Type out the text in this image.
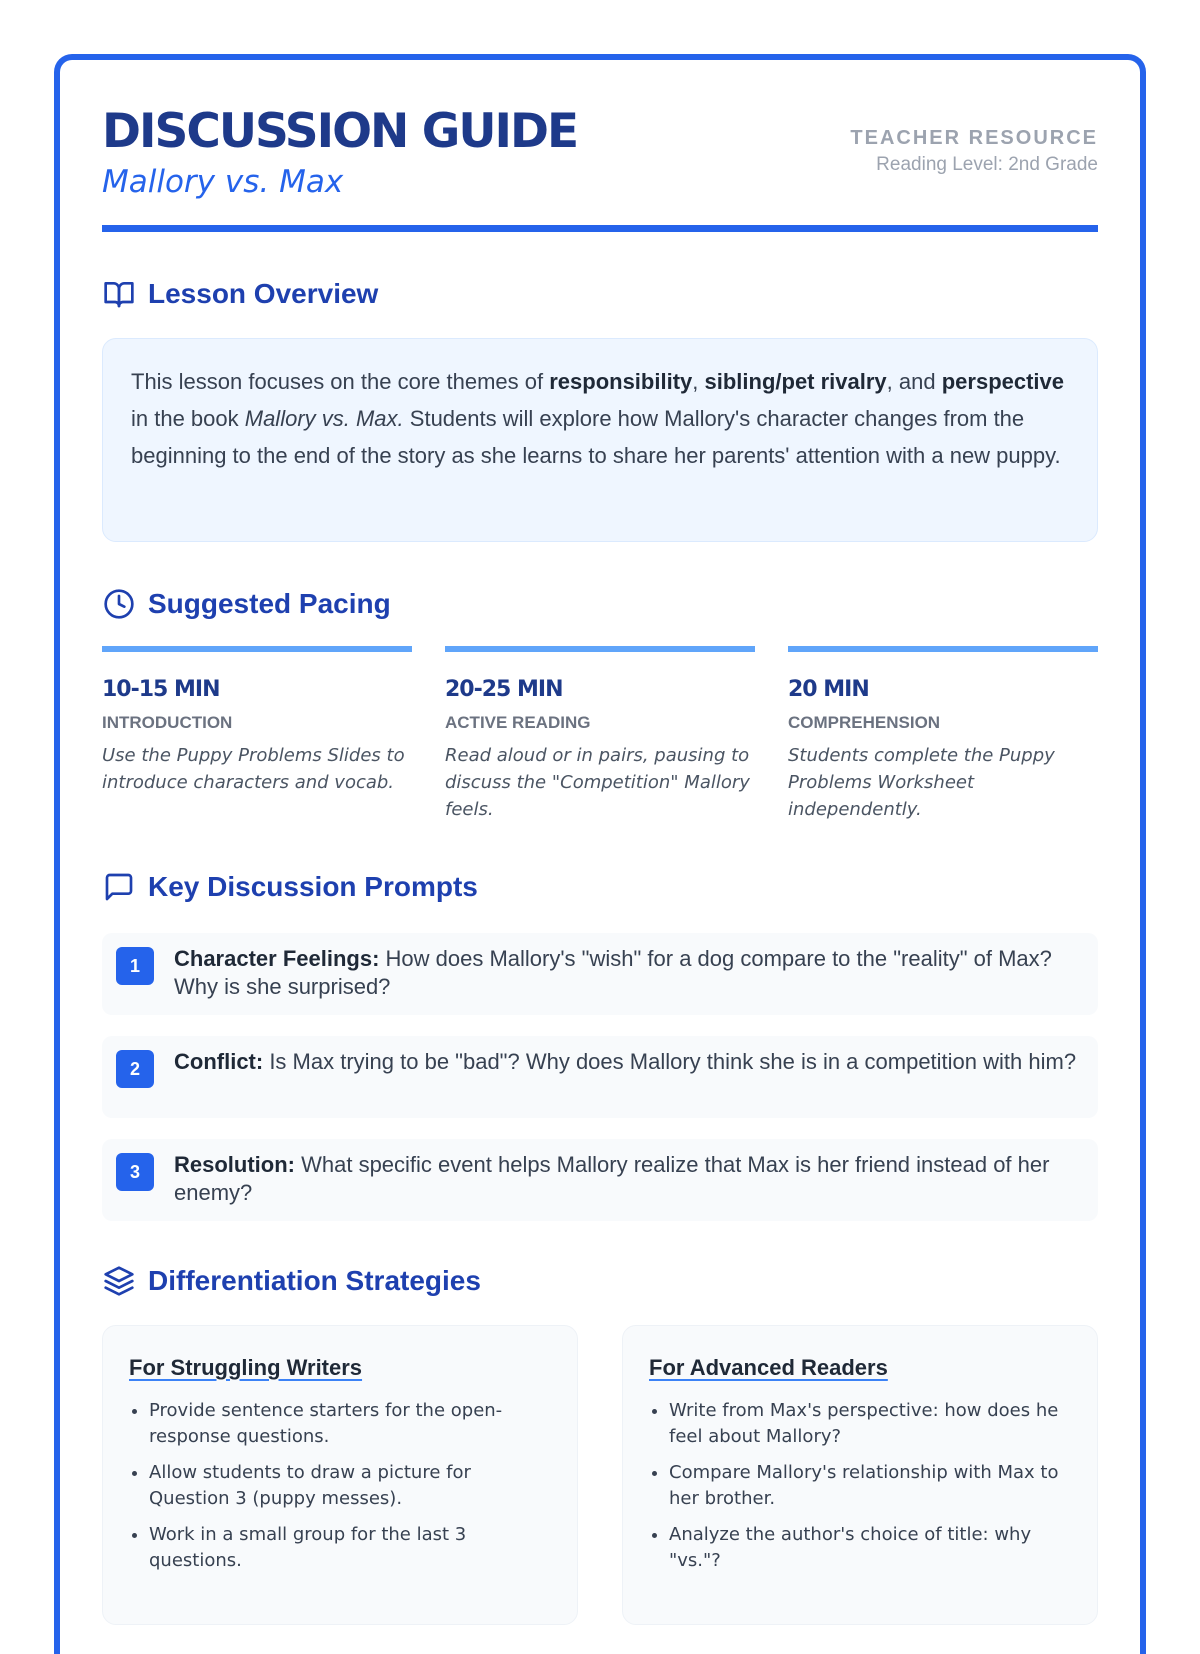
DISCUSSION GUIDE
Mallory vs. Max
TEACHER RESOURCE
Reading Level: 2nd Grade
Lesson Overview
This lesson focuses on the core themes of responsibility, sibling/pet rivalry, and perspective in the book Mallory vs. Max. Students will explore how Mallory's character changes from the beginning to the end of the story as she learns to share her parents' attention with a new puppy.
Suggested Pacing
10-15 MIN
INTRODUCTION
Use the Puppy Problems Slides to introduce characters and vocab.
20-25 MIN
ACTIVE READING
Read aloud or in pairs, pausing to discuss the "Competition" Mallory feels.
20 MIN
COMPREHENSION
Students complete the Puppy Problems Worksheet independently.
Key Discussion Prompts
1	Character Feelings: How does Mallory's "wish" for a dog compare to the "reality" of Max? Why is she surprised?
2	Conflict: Is Max trying to be "bad"? Why does Mallory think she is in a competition with him?
3	Resolution: What specific event helps Mallory realize that Max is her friend instead of her enemy?
Differentiation Strategies
For Struggling Writers
• Provide sentence starters for the open-response questions.
• Allow students to draw a picture for Question 3 (puppy messes).
• Work in a small group for the last 3 questions.
For Advanced Readers
• Write from Max's perspective: how does he feel about Mallory?
• Compare Mallory's relationship with Max to her brother.
• Analyze the author's choice of title: why "vs."?
